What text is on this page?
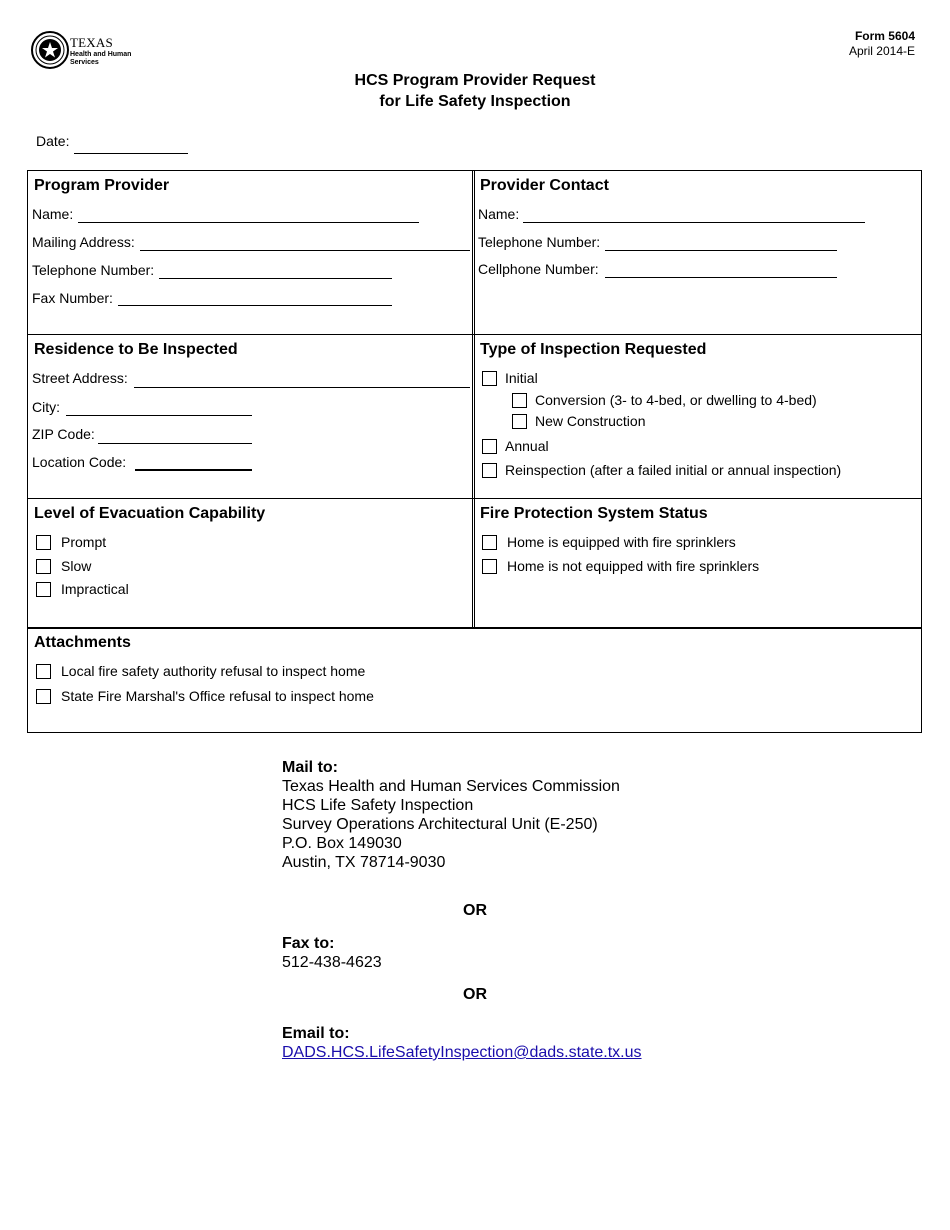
TEXAS
Health and Human
Services
Form 5604
April 2014-E
HCS Program Provider Request
for Life Safety Inspection
Date:
Program Provider
Name:
Mailing Address:
Telephone Number:
Fax Number:
Provider Contact
Name:
Telephone Number:
Cellphone Number:
Residence to Be Inspected
Street Address:
City:
ZIP Code:
Location Code:
Type of Inspection Requested
Initial
Conversion (3- to 4-bed, or dwelling to 4-bed)
New Construction
Annual
Reinspection (after a failed initial or annual inspection)
Level of Evacuation Capability
Prompt
Slow
Impractical
Fire Protection System Status
Home is equipped with fire sprinklers
Home is not equipped with fire sprinklers
Attachments
Local fire safety authority refusal to inspect home
State Fire Marshal's Office refusal to inspect home
Mail to:
Texas Health and Human Services Commission
HCS Life Safety Inspection
Survey Operations Architectural Unit (E-250)
P.O. Box 149030
Austin, TX 78714-9030
OR
Fax to:
512-438-4623
OR
Email to:
DADS.HCS.LifeSafetyInspection@dads.state.tx.us
